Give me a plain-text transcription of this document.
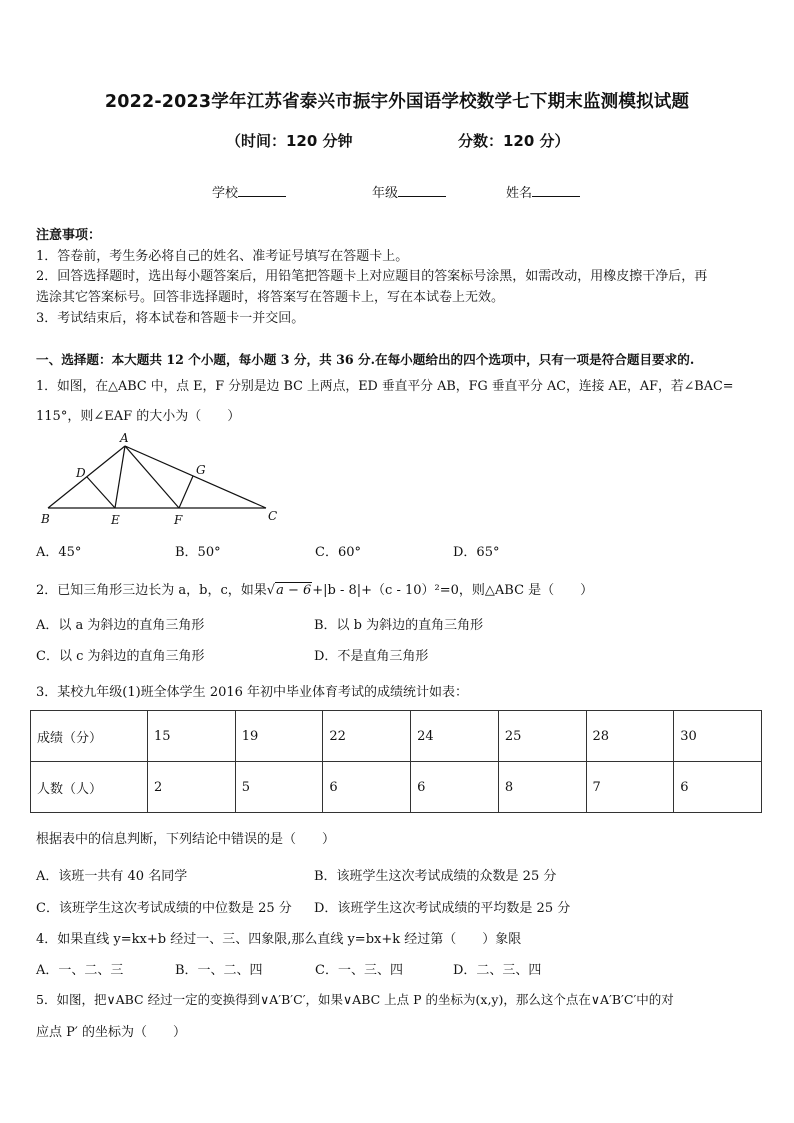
2022-2023学年江苏省泰兴市振宇外国语学校数学七下期末监测模拟试题
（时间：120 分钟	分数：120 分）
学校	年级	姓名
注意事项：
1．答卷前，考生务必将自己的姓名、准考证号填写在答题卡上。
2．回答选择题时，选出每小题答案后，用铅笔把答题卡上对应题目的答案标号涂黑，如需改动，用橡皮擦干净后，再
选涂其它答案标号。回答非选择题时，将答案写在答题卡上，写在本试卷上无效。
3．考试结束后，将本试卷和答题卡一并交回。
一、选择题：本大题共 12 个小题，每小题 3 分，共 36 分.在每小题给出的四个选项中，只有一项是符合题目要求的.
1．如图，在△ABC 中，点 E，F 分别是边 BC 上两点，ED 垂直平分 AB，FG 垂直平分 AC，连接 AE，AF，若∠BAC=
115°，则∠EAF 的大小为（　　）
A
D	G
B	E	F	C
A．45°	B．50°	C．60°	D．65°
2．已知三角形三边长为 a，b，c，如果√a − 6+|b - 8|+（c - 10）²=0，则△ABC 是（　　）
A．以 a 为斜边的直角三角形	B．以 b 为斜边的直角三角形
C．以 c 为斜边的直角三角形	D．不是直角三角形
3．某校九年级(1)班全体学生 2016 年初中毕业体育考试的成绩统计如表：
成绩（分）	15	19	22	24	25	28	30
人数（人）	2	5	6	6	8	7	6
根据表中的信息判断，下列结论中错误的是（　　）
A．该班一共有 40 名同学	B．该班学生这次考试成绩的众数是 25 分
C．该班学生这次考试成绩的中位数是 25 分 D．该班学生这次考试成绩的平均数是 25 分
4．如果直线 y=kx+b 经过一、三、四象限,那么直线 y=bx+k 经过第（　　）象限
A．一、二、三	B．一、二、四	C．一、三、四	D．二、三、四
5．如图，把∨ABC 经过一定的变换得到∨A′B′C′，如果∨ABC 上点 P 的坐标为(x,y)，那么这个点在∨A′B′C′中的对
应点 P′ 的坐标为（　　）
